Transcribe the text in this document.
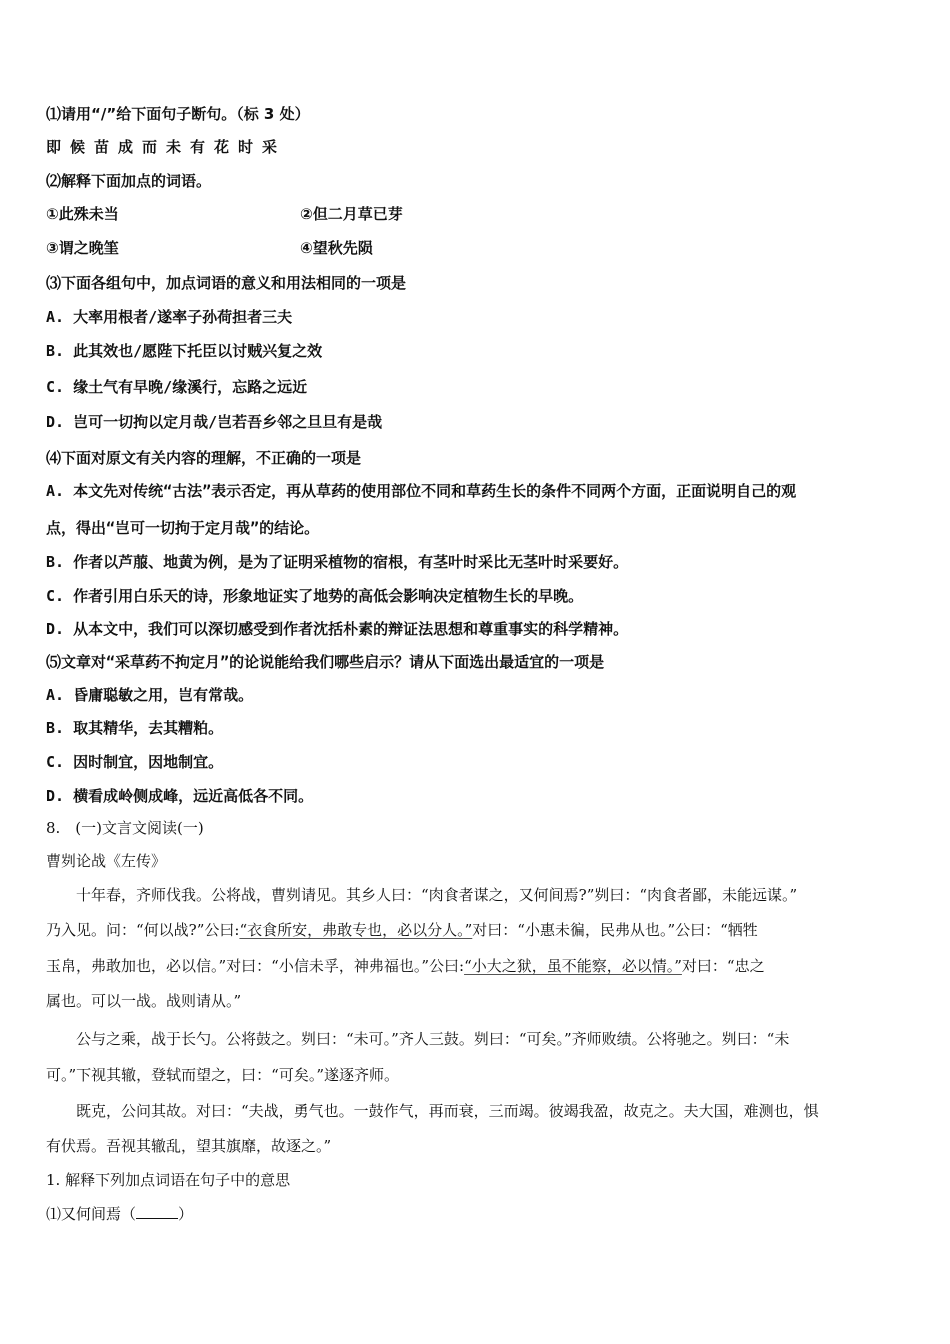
⑴请用“/”给下面句子断句。（标 3 处）
即候苗成而未有花时采
⑵解释下面加点的词语。
①此殊未当	②但二月草已芽
③谓之晚筀	④望秋先陨
⑶下面各组句中，加点词语的意义和用法相同的一项是
A. 大率用根者/遂率子孙荷担者三夫
B. 此其效也/愿陛下托臣以讨贼兴复之效
C. 缘土气有早晚/缘溪行，忘路之远近
D. 岂可一切拘以定月哉/岂若吾乡邻之旦旦有是哉
⑷下面对原文有关内容的理解，不正确的一项是
A. 本文先对传统“古法”表示否定，再从草药的使用部位不同和草药生长的条件不同两个方面，正面说明自己的观
点，得出“岂可一切拘于定月哉”的结论。
B. 作者以芦菔、地黄为例，是为了证明采植物的宿根，有茎叶时采比无茎叶时采要好。
C. 作者引用白乐天的诗，形象地证实了地势的高低会影响决定植物生长的早晚。
D. 从本文中，我们可以深切感受到作者沈括朴素的辩证法思想和尊重事实的科学精神。
⑸文章对“采草药不拘定月”的论说能给我们哪些启示？请从下面选出最适宜的一项是
A. 昏庸聪敏之用，岂有常哉。
B. 取其精华，去其糟粕。
C. 因时制宜，因地制宜。
D. 横看成岭侧成峰，远近高低各不同。
8.　(一)文言文阅读(一)
曹刿论战《左传》
十年春，齐师伐我。公将战，曹刿请见。其乡人曰：“肉食者谋之，又何间焉?”刿曰：“肉食者鄙，未能远谋。”
乃入见。问：“何以战?”公曰:“衣食所安，弗敢专也，必以分人。”对曰：“小惠未徧，民弗从也。”公曰：“牺牲
玉帛，弗敢加也，必以信。”对曰：“小信未孚，神弗福也。”公曰:“小大之狱，虽不能察，必以情。”对曰：“忠之
属也。可以一战。战则请从。”
公与之乘，战于长勺。公将鼓之。刿曰：“未可。”齐人三鼓。刿曰：“可矣。”齐师败绩。公将驰之。刿曰：“未
可。”下视其辙，登轼而望之，曰：“可矣。”遂逐齐师。
既克，公问其故。对曰：“夫战，勇气也。一鼓作气，再而衰，三而竭。彼竭我盈，故克之。夫大国，难测也，惧
有伏焉。吾视其辙乱，望其旗靡，故逐之。”
1. 解释下列加点词语在句子中的意思
⑴又何间焉（	）
